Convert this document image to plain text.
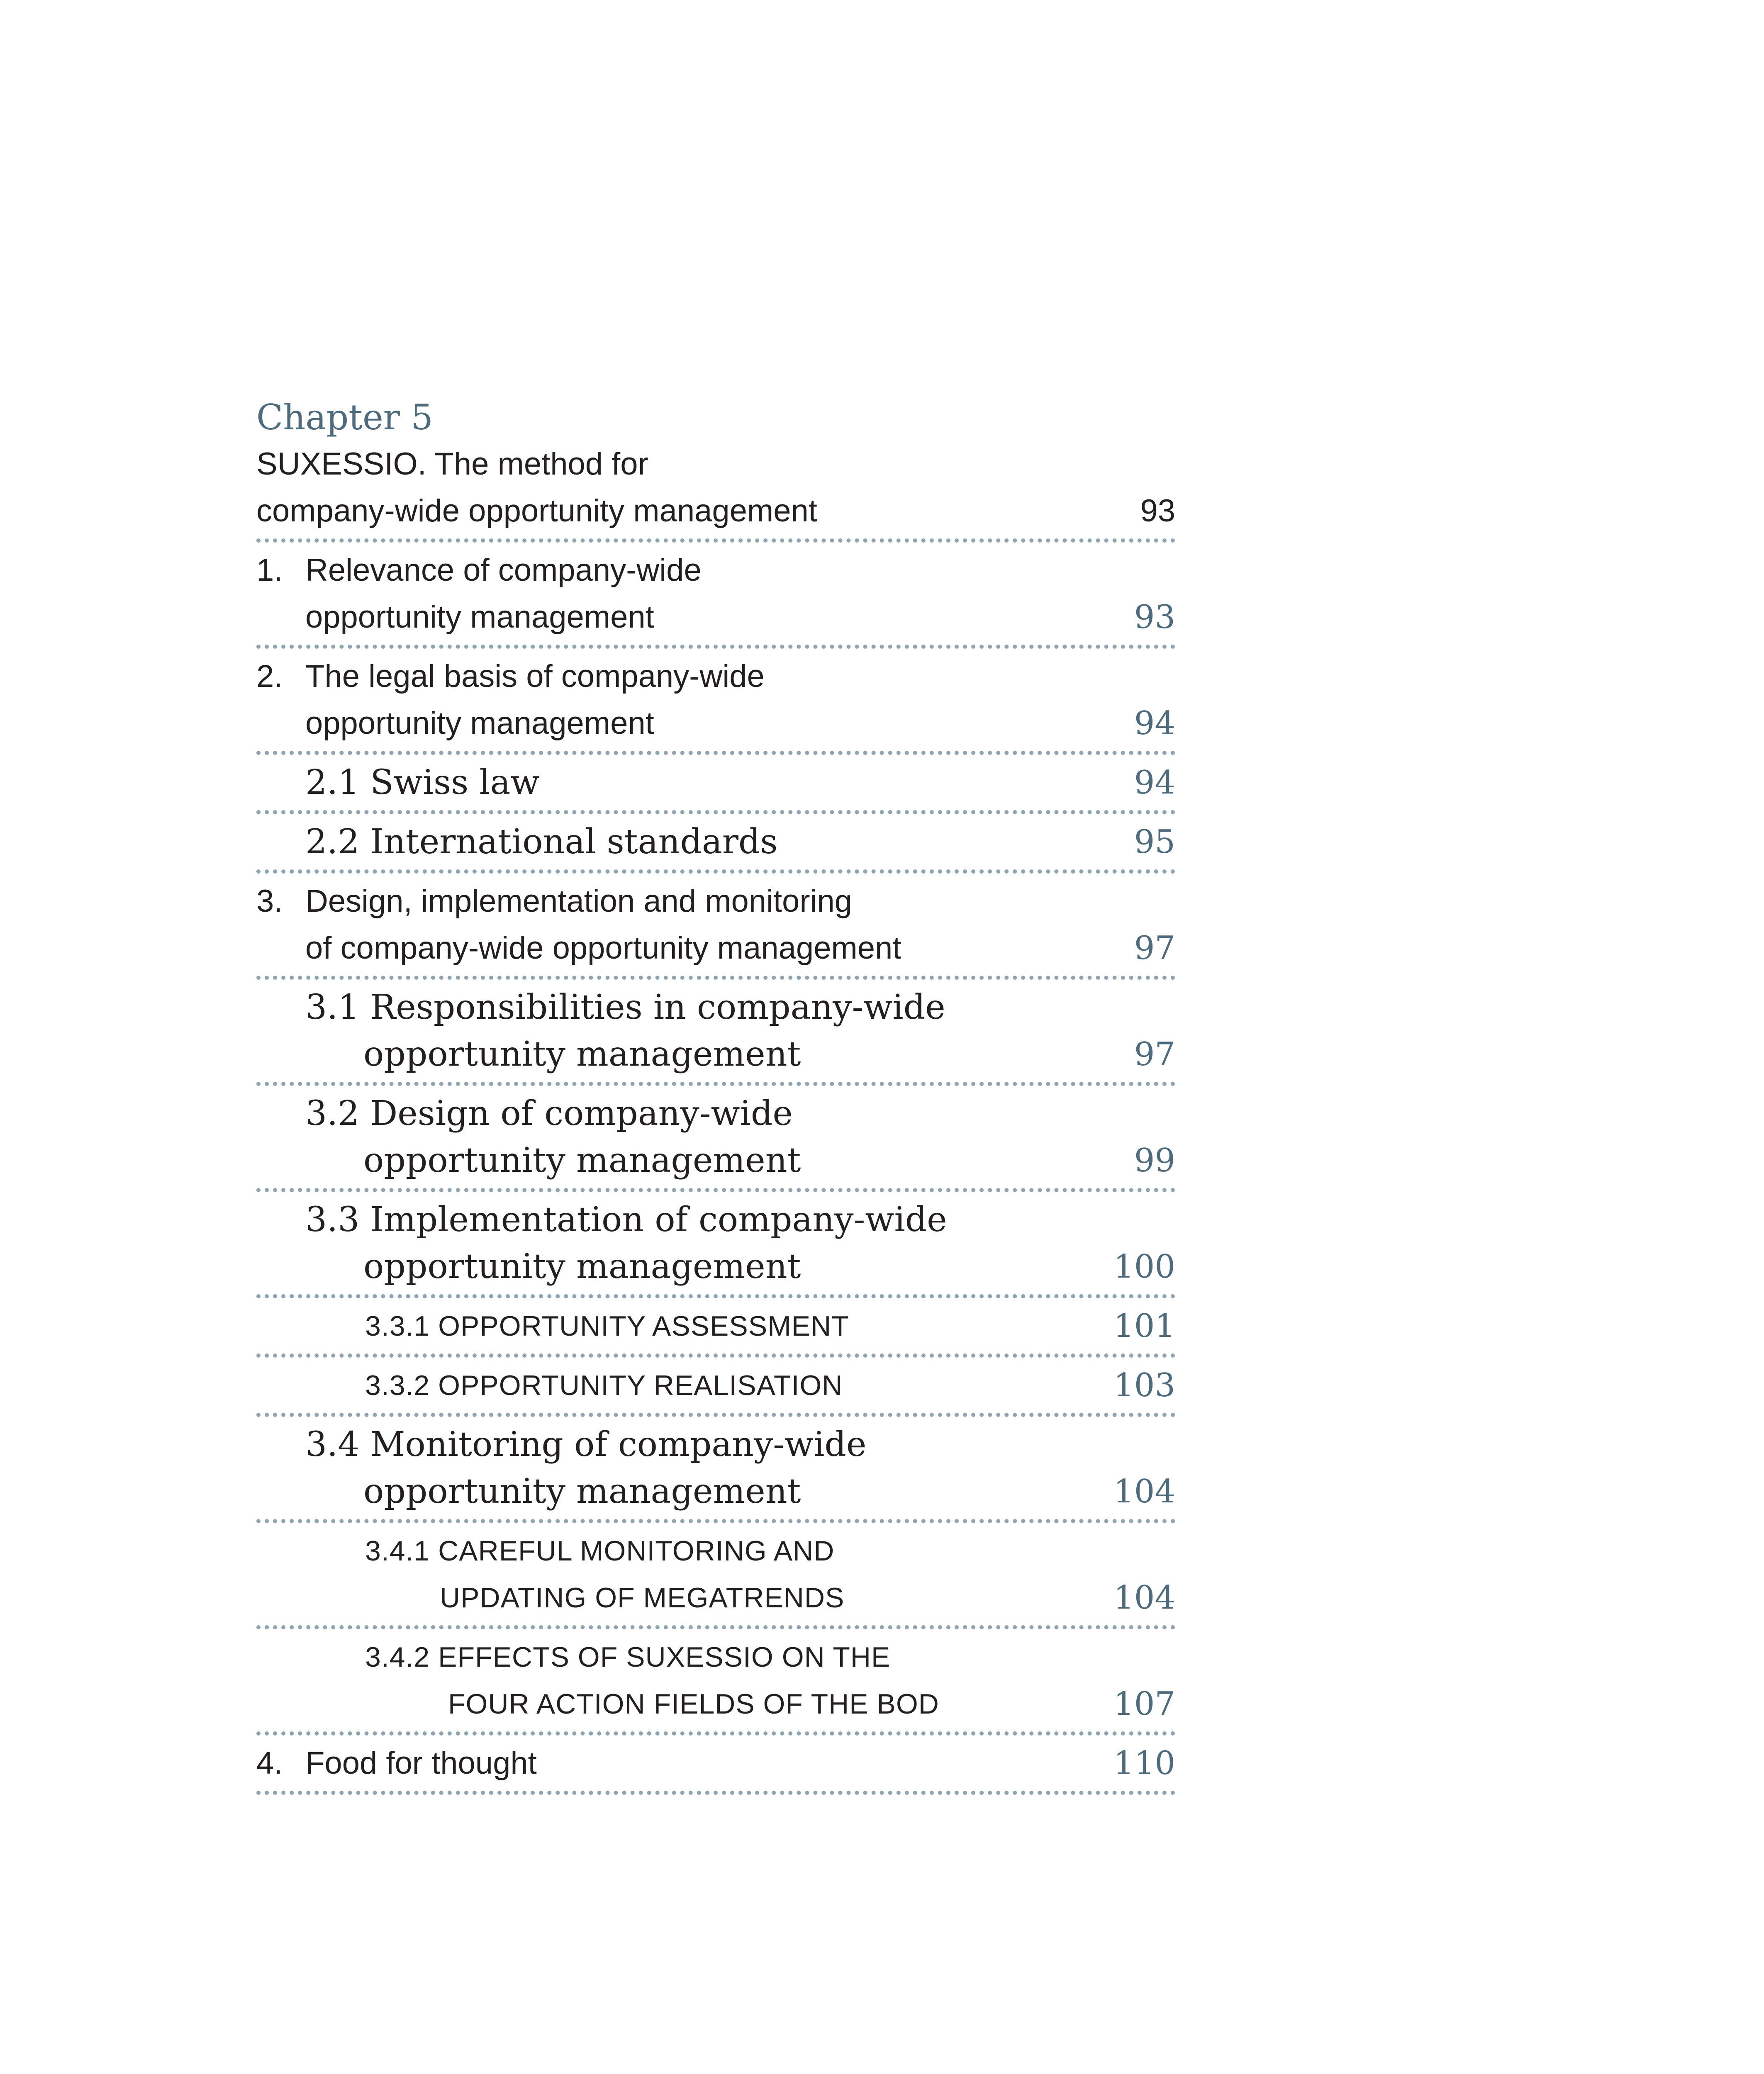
Chapter 5
SUXESSIO. The method for
company-wide opportunity management	93
1. Relevance of company-wide
opportunity management	93
2. The legal basis of company-wide
opportunity management	94
2.1 Swiss law	94
2.2 International standards	95
3. Design, implementation and monitoring
of company-wide opportunity management	97
3.1 Responsibilities in company-wide
opportunity management	97
3.2 Design of company-wide
opportunity management	99
3.3 Implementation of company-wide
opportunity management	100
3.3.1 OPPORTUNITY ASSESSMENT	101
3.3.2 OPPORTUNITY REALISATION	103
3.4 Monitoring of company-wide
opportunity management	104
3.4.1 CAREFUL MONITORING AND
UPDATING OF MEGATRENDS	104
3.4.2 EFFECTS OF SUXESSIO ON THE
FOUR ACTION FIELDS OF THE BOD	107
4. Food for thought	110
